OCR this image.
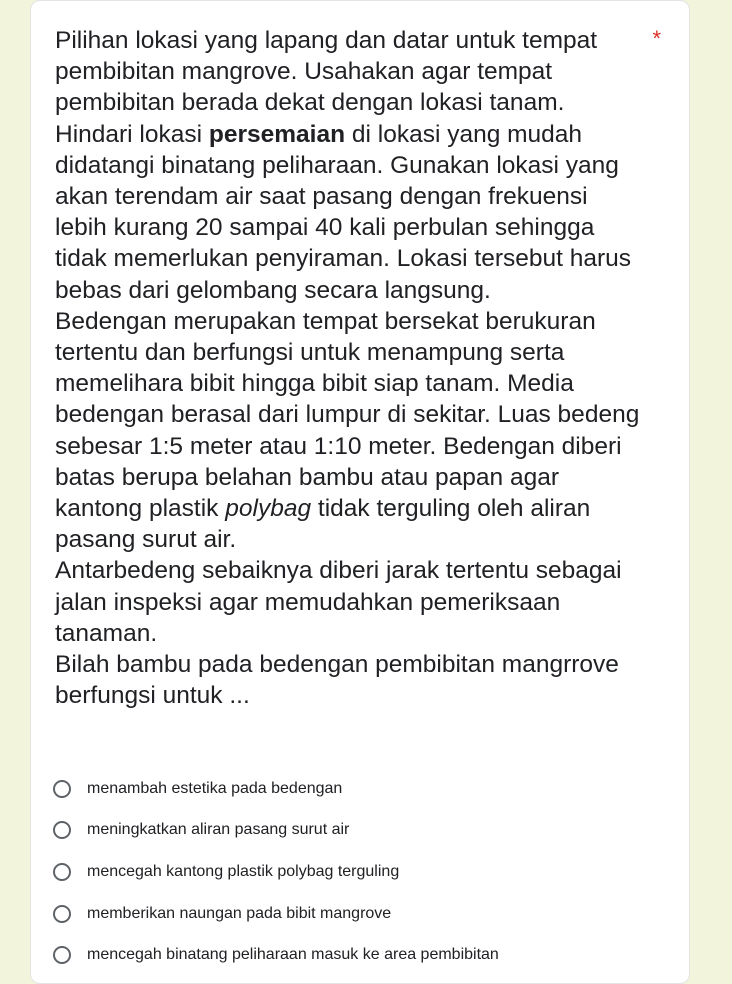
Pilihan lokasi yang lapang dan datar untuk tempat pembibitan mangrove. Usahakan agar tempat pembibitan berada dekat dengan lokasi tanam. Hindari lokasi persemaian di lokasi yang mudah didatangi binatang peliharaan. Gunakan lokasi yang akan terendam air saat pasang dengan frekuensi lebih kurang 20 sampai 40 kali perbulan sehingga tidak memerlukan penyiraman. Lokasi tersebut harus bebas dari gelombang secara langsung.

Bedengan merupakan tempat bersekat berukuran tertentu dan berfungsi untuk menampung serta memelihara bibit hingga bibit siap tanam. Media bedengan berasal dari lumpur di sekitar. Luas bedeng sebesar 1:5 meter atau 1:10 meter. Bedengan diberi batas berupa belahan bambu atau papan agar kantong plastik polybag tidak terguling oleh aliran pasang surut air.

Antarbedeng sebaiknya diberi jarak tertentu sebagai jalan inspeksi agar memudahkan pemeriksaan tanaman.

Bilah bambu pada bedengan pembibitan mangrrove berfungsi untuk ...

*
menambah estetika pada bedengan
meningkatkan aliran pasang surut air
mencegah kantong plastik polybag terguling
memberikan naungan pada bibit mangrove
mencegah binatang peliharaan masuk ke area pembibitan
